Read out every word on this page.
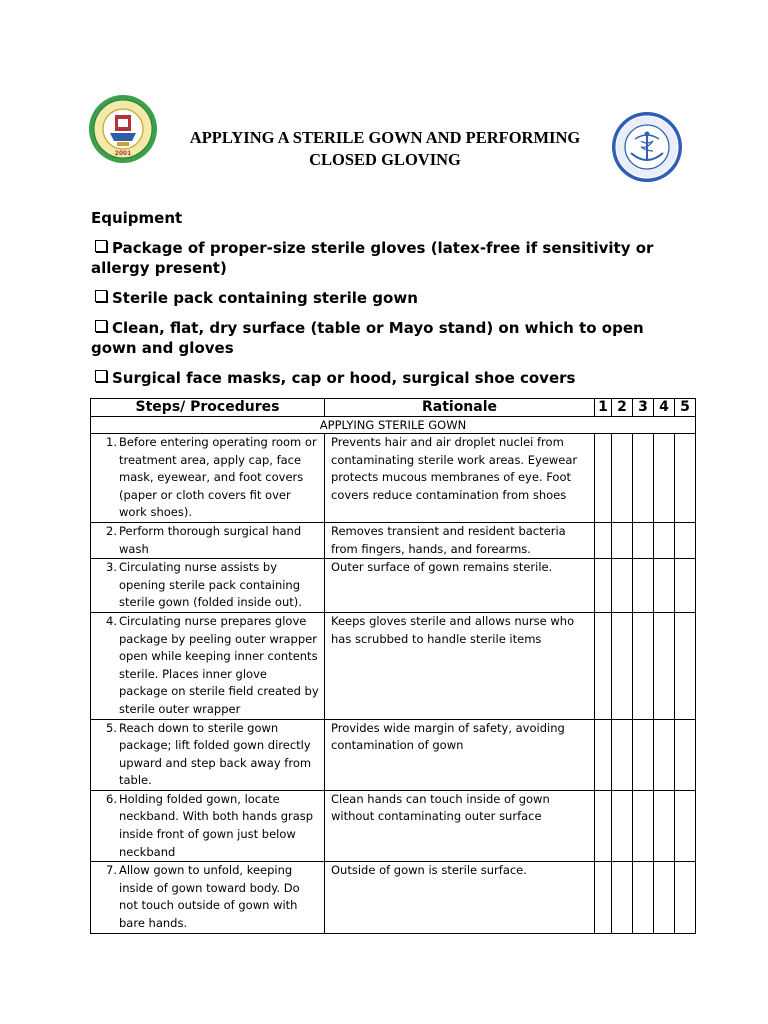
2001
APPLYING A STERILE GOWN AND PERFORMING
CLOSED GLOVING
Equipment
Package of proper-size sterile gloves (latex-free if sensitivity or allergy present)
Sterile pack containing sterile gown
Clean, flat, dry surface (table or Mayo stand) on which to open gown and gloves
Surgical face masks, cap or hood, surgical shoe covers
Steps/ Procedures	Rationale	1	2	3	4	5
APPLYING STERILE GOWN						
1. Before entering operating room or treatment area, apply cap, face mask, eyewear, and foot covers (paper or cloth covers fit over work shoes).	Prevents hair and air droplet nuclei from contaminating sterile work areas. Eyewear protects mucous membranes of eye. Foot covers reduce contamination from shoes					
2. Perform thorough surgical hand wash	Removes transient and resident bacteria from fingers, hands, and forearms.					
3. Circulating nurse assists by opening sterile pack containing sterile gown (folded inside out).	Outer surface of gown remains sterile.					
4. Circulating nurse prepares glove package by peeling outer wrapper open while keeping inner contents sterile. Places inner glove package on sterile field created by sterile outer wrapper	Keeps gloves sterile and allows nurse who has scrubbed to handle sterile items					
5. Reach down to sterile gown package; lift folded gown directly upward and step back away from table.	Provides wide margin of safety, avoiding contamination of gown					
6. Holding folded gown, locate neckband. With both hands grasp inside front of gown just below neckband	Clean hands can touch inside of gown without contaminating outer surface					
7. Allow gown to unfold, keeping inside of gown toward body. Do not touch outside of gown with bare hands.	Outside of gown is sterile surface.					
